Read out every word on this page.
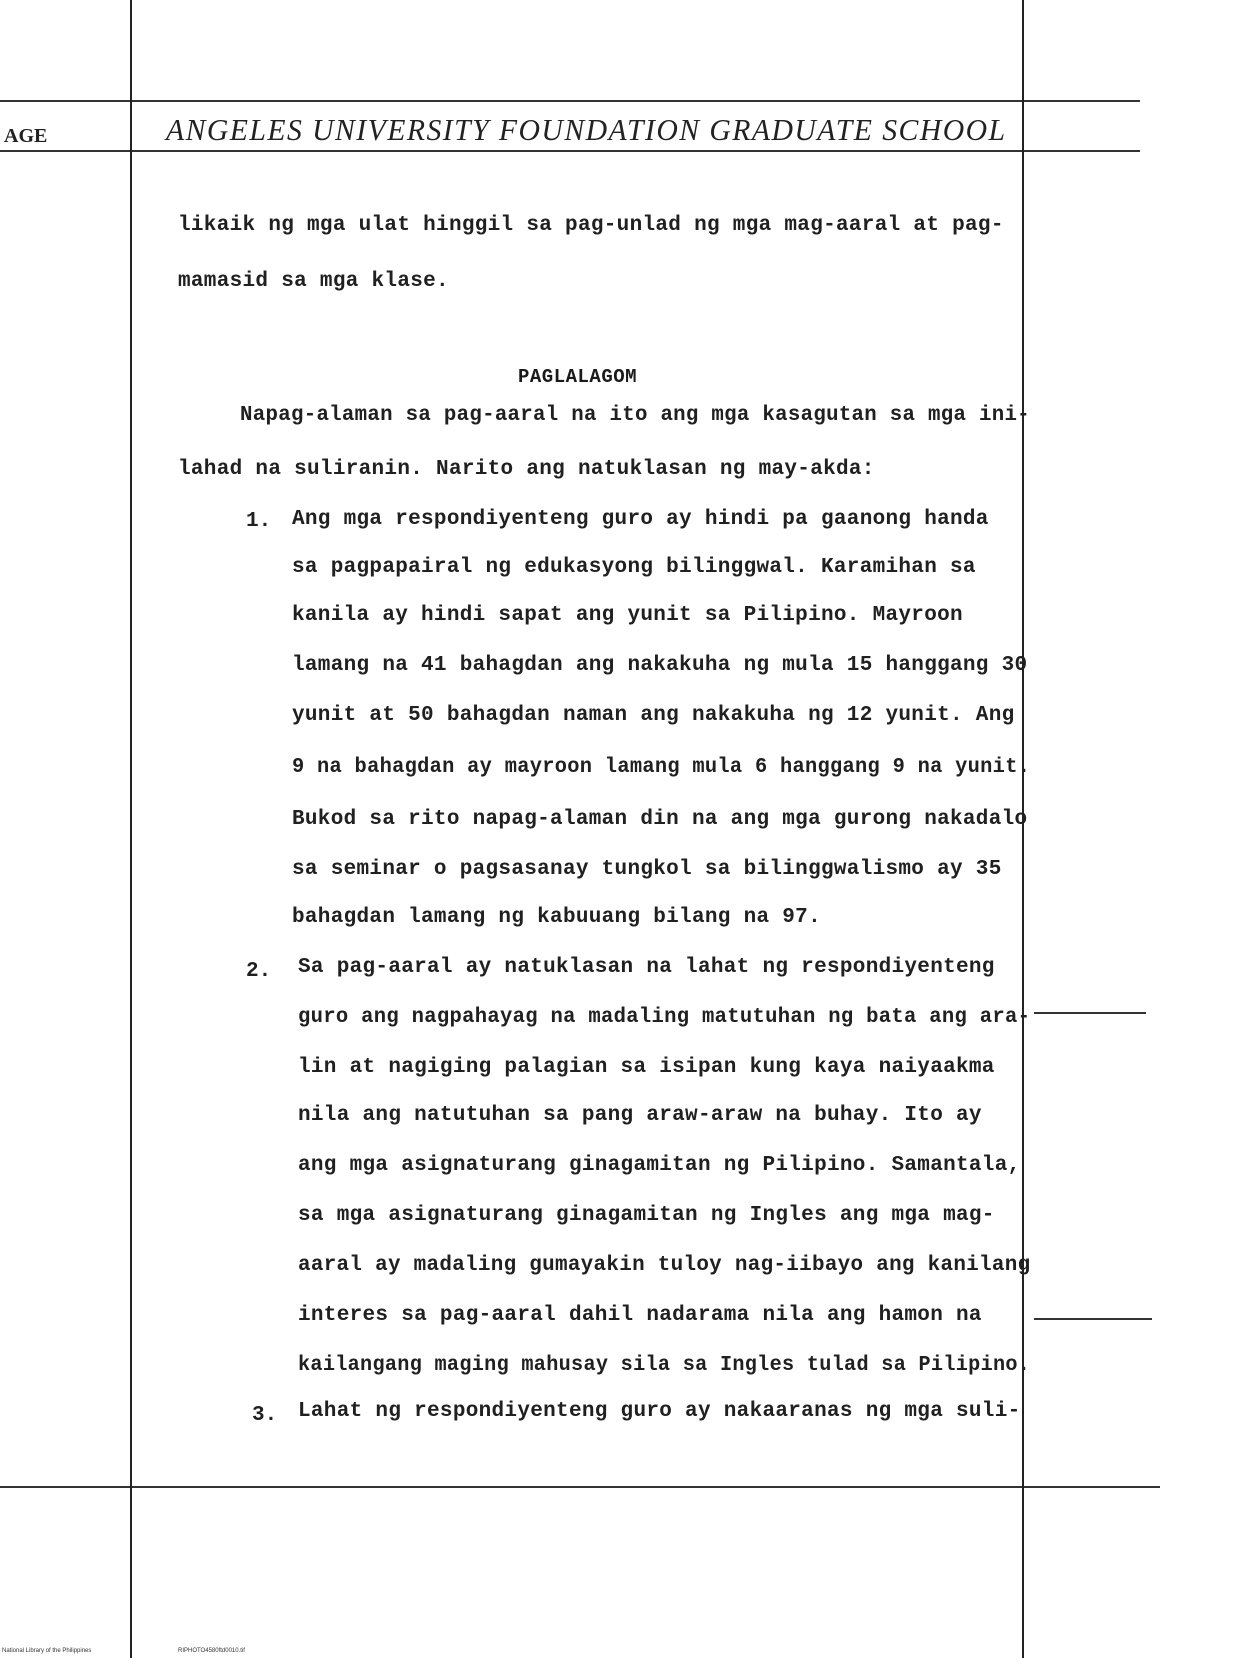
AGE	ANGELES UNIVERSITY FOUNDATION GRADUATE SCHOOL
likaik ng mga ulat hinggil sa pag-unlad ng mga mag-aaral at pag-
mamasid sa mga klase.
PAGLALAGOM
Napag-alaman sa pag-aaral na ito ang mga kasagutan sa mga ini-
lahad na suliranin. Narito ang natuklasan ng may-akda:
1. Ang mga respondiyenteng guro ay hindi pa gaanong handa
sa pagpapairal ng edukasyong bilinggwal. Karamihan sa
kanila ay hindi sapat ang yunit sa Pilipino. Mayroon
lamang na 41 bahagdan ang nakakuha ng mula 15 hanggang 30
yunit at 50 bahagdan naman ang nakakuha ng 12 yunit. Ang
9 na bahagdan ay mayroon lamang mula 6 hanggang 9 na yunit.
Bukod sa rito napag-alaman din na ang mga gurong nakadalo
sa seminar o pagsasanay tungkol sa bilinggwalismo ay 35
bahagdan lamang ng kabuuang bilang na 97.
2. Sa pag-aaral ay natuklasan na lahat ng respondiyenteng
guro ang nagpahayag na madaling matutuhan ng bata ang ara-
lin at nagiging palagian sa isipan kung kaya naiyaakma
nila ang natutuhan sa pang araw-araw na buhay. Ito ay
ang mga asignaturang ginagamitan ng Pilipino. Samantala,
sa mga asignaturang ginagamitan ng Ingles ang mga mag-
aaral ay madaling gumayakin tuloy nag-iibayo ang kanilang
interes sa pag-aaral dahil nadarama nila ang hamon na
kailangang maging mahusay sila sa Ingles tulad sa Pilipino.
3. Lahat ng respondiyenteng guro ay nakaaranas ng mga suli-
National Library of the Philippines	RIPHOTO4580ftd0010.tif
